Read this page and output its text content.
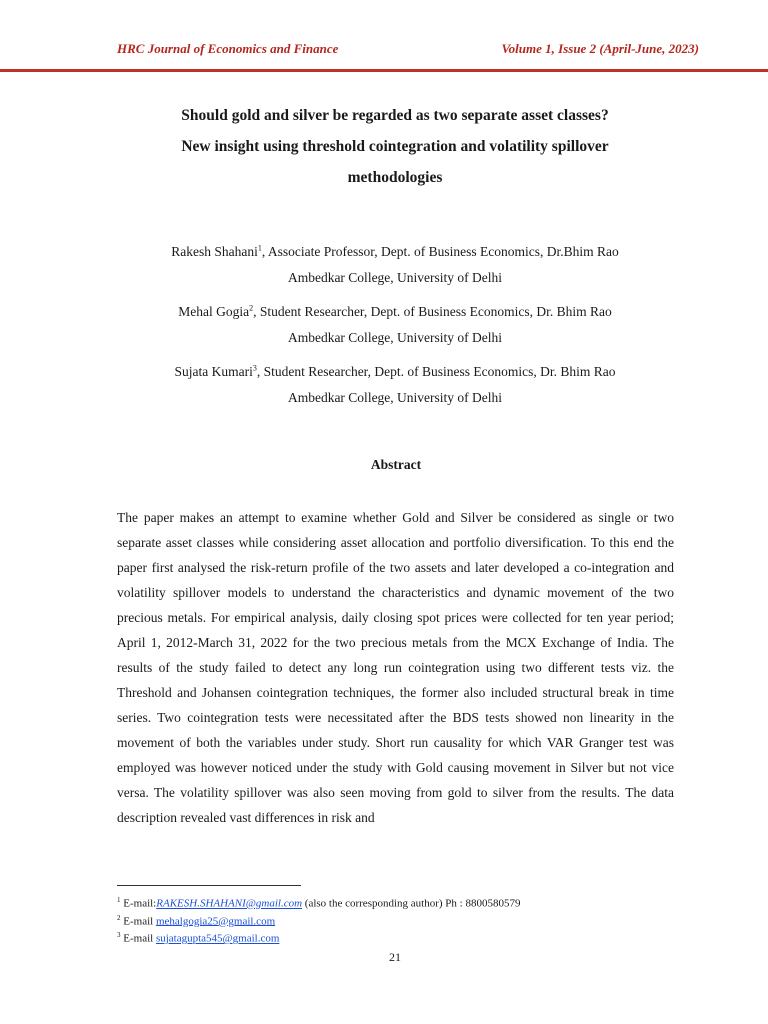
HRC Journal of Economics and Finance	Volume 1, Issue 2 (April-June, 2023)
Should gold and silver be regarded as two separate asset classes?
New insight using threshold cointegration and volatility spillover
methodologies
Rakesh Shahani$^1$, Associate Professor, Dept. of Business Economics, Dr.Bhim Rao
Ambedkar College, University of Delhi
Mehal Gogia$^2$, Student Researcher, Dept. of Business Economics, Dr. Bhim Rao
Ambedkar College, University of Delhi
Sujata Kumari$^3$, Student Researcher, Dept. of Business Economics, Dr. Bhim Rao
Ambedkar College, University of Delhi
Abstract

The paper makes an attempt to examine whether Gold and Silver be considered as single or two separate asset classes while considering asset allocation and portfolio diversification. To this end the paper first analysed the risk-return profile of the two assets and later developed a co-integration and volatility spillover models to understand the characteristics and dynamic movement of the two precious metals. For empirical analysis, daily closing spot prices were collected for ten year period; April 1, 2012-March 31, 2022 for the two precious metals from the MCX Exchange of India. The results of the study failed to detect any long run cointegration using two different tests viz. the Threshold and Johansen cointegration techniques, the former also included structural break in time series. Two cointegration tests were necessitated after the BDS tests showed non linearity in the movement of both the variables under study. Short run causality for which VAR Granger test was employed was however noticed under the study with Gold causing movement in Silver but not vice versa. The volatility spillover was also seen moving from gold to silver from the results. The data description revealed vast differences in risk and

$^1$ E-mail:RAKESH.SHAHANI@gmail.com (also the corresponding author) Ph : 8800580579
$^2$ E-mail mehalgogia25@gmail.com
$^3$ E-mail sujatagupta545@gmail.com
21
